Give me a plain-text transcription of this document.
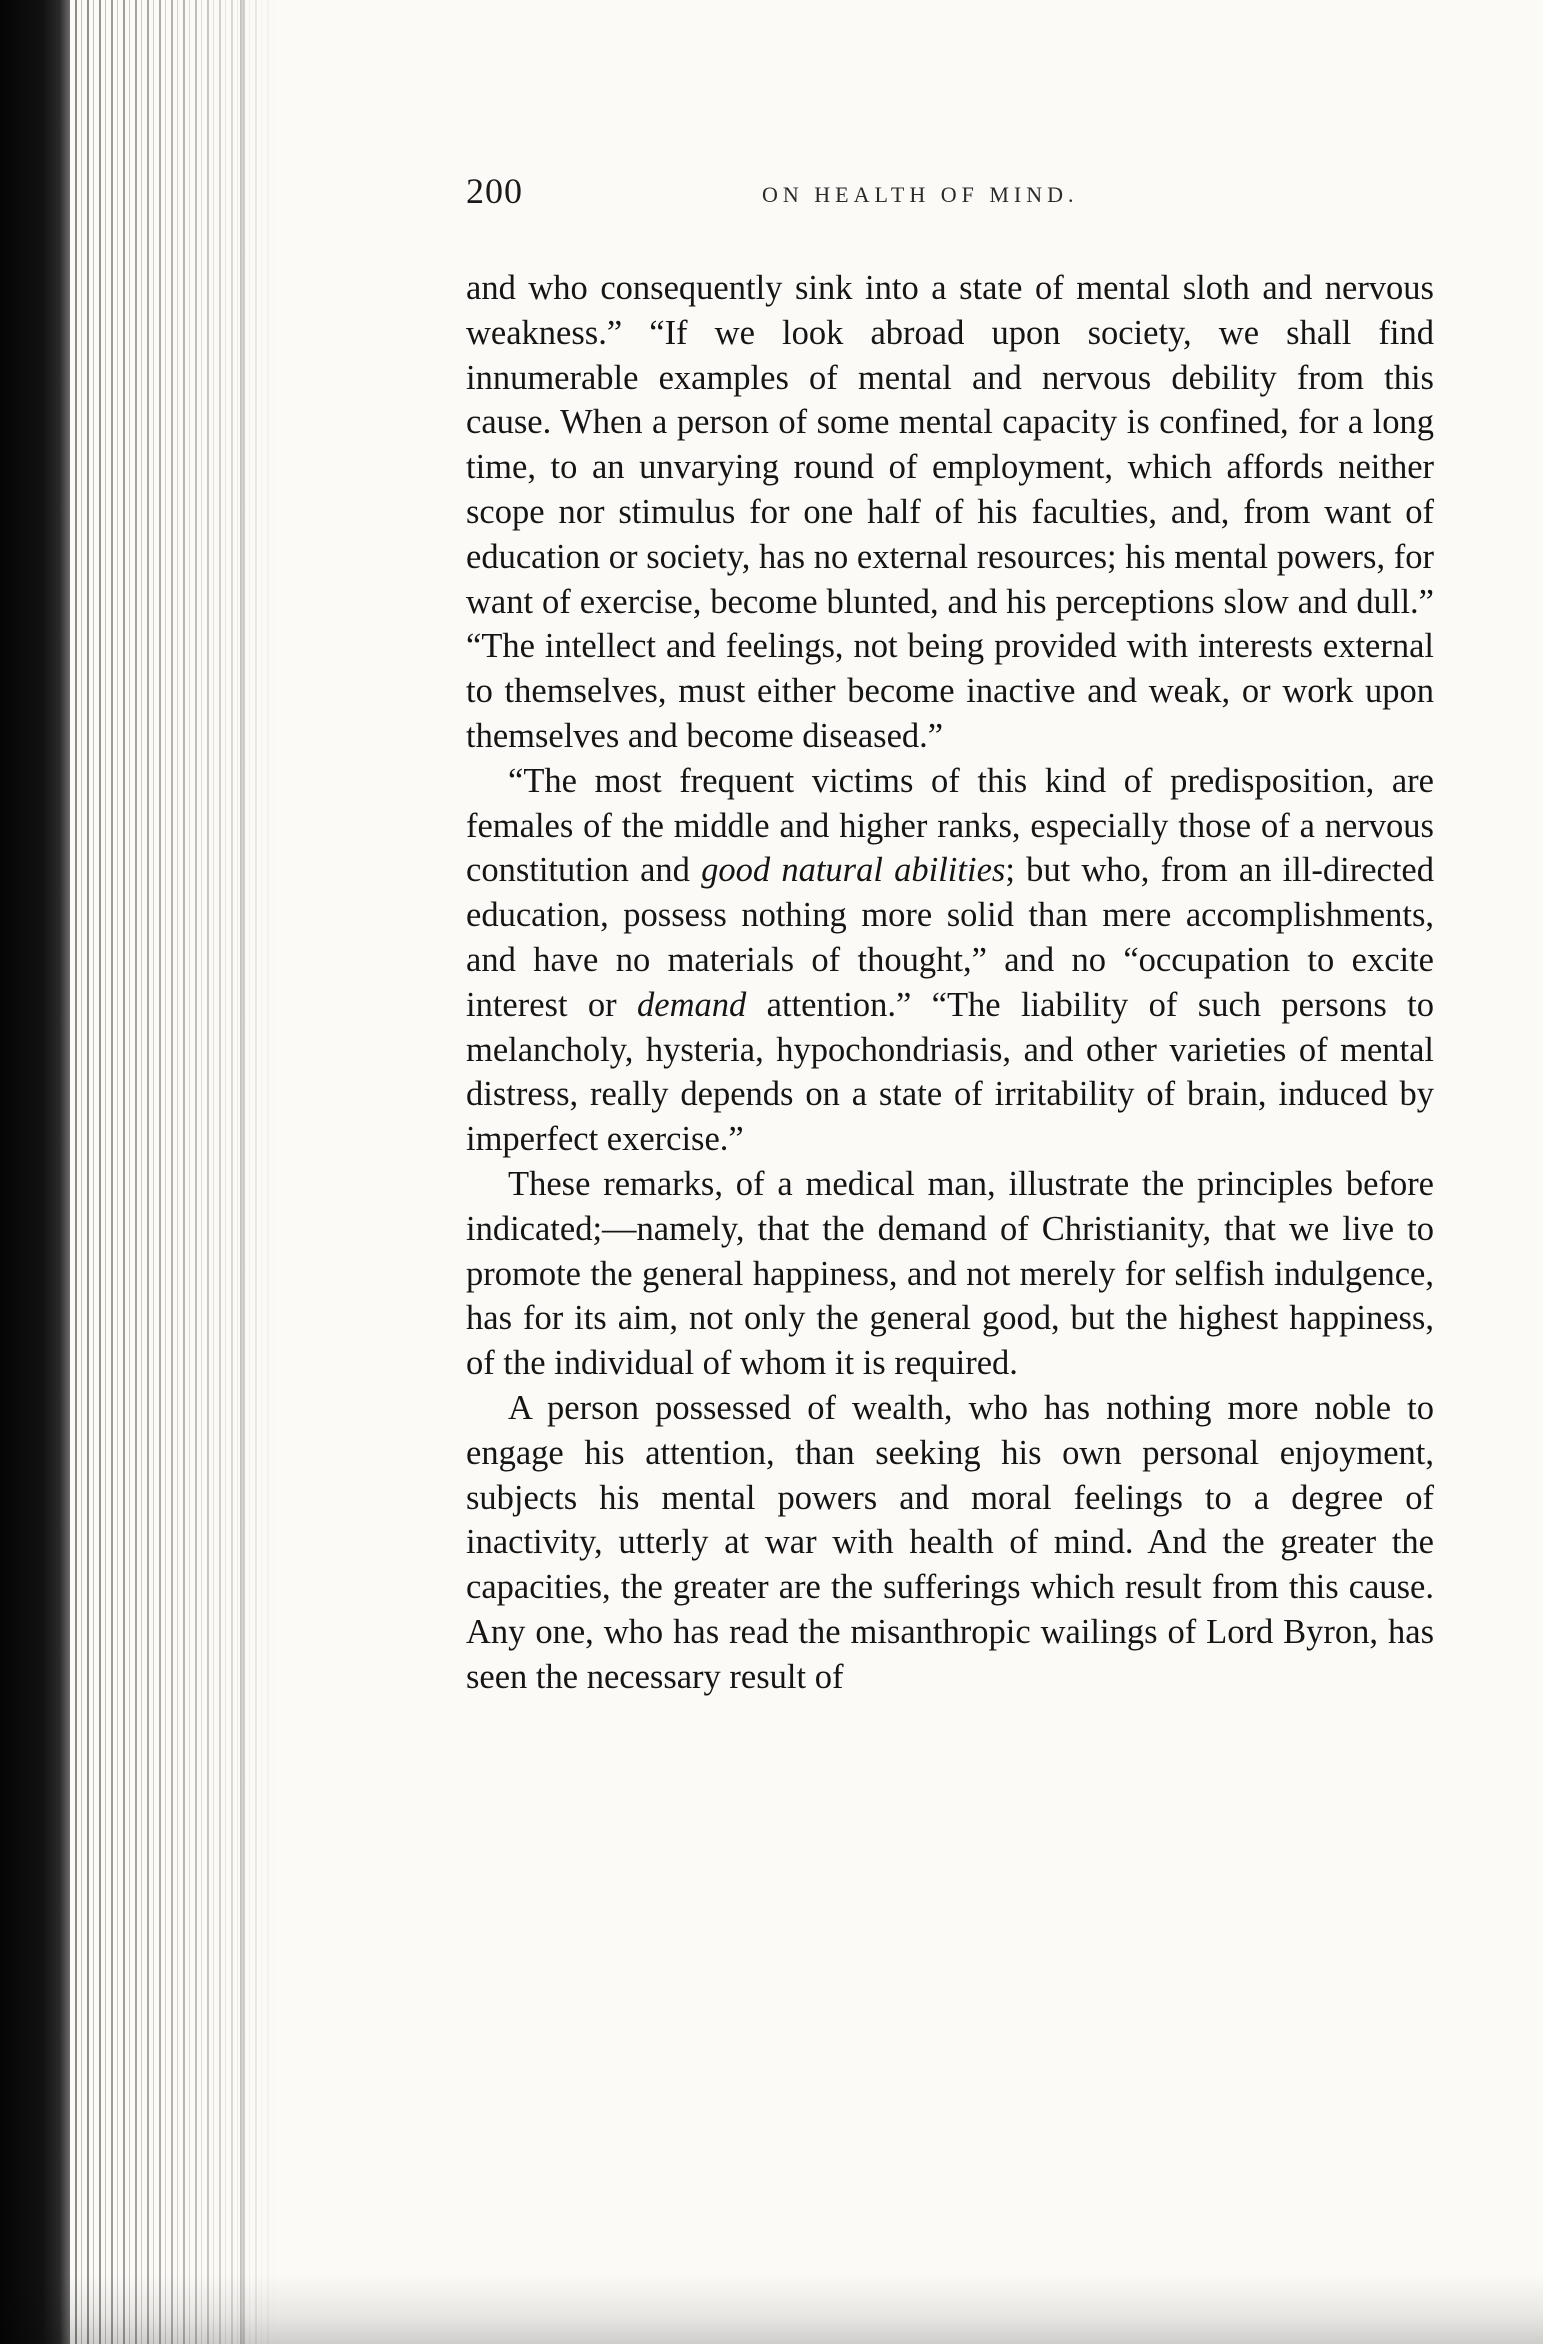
200	ON HEALTH OF MIND.

and who consequently sink into a state of mental sloth and nervous weakness.” “If we look abroad upon society, we shall find innumerable examples of mental and nervous debility from this cause. When a person of some mental capacity is confined, for a long time, to an unvarying round of employment, which affords neither scope nor stimulus for one half of his faculties, and, from want of education or society, has no external resources; his mental powers, for want of exercise, become blunted, and his perceptions slow and dull.” “The intellect and feelings, not being provided with interests external to themselves, must either become inactive and weak, or work upon themselves and become diseased.”

“The most frequent victims of this kind of predisposition, are females of the middle and higher ranks, especially those of a nervous constitution and good natural abilities; but who, from an ill-directed education, possess nothing more solid than mere accomplishments, and have no materials of thought,” and no “occupation to excite interest or demand attention.” “The liability of such persons to melancholy, hysteria, hypochondriasis, and other varieties of mental distress, really depends on a state of irritability of brain, induced by imperfect exercise.”

These remarks, of a medical man, illustrate the principles before indicated;—namely, that the demand of Christianity, that we live to promote the general happiness, and not merely for selfish indulgence, has for its aim, not only the general good, but the highest happiness, of the individual of whom it is required.

A person possessed of wealth, who has nothing more noble to engage his attention, than seeking his own personal enjoyment, subjects his mental powers and moral feelings to a degree of inactivity, utterly at war with health of mind. And the greater the capacities, the greater are the sufferings which result from this cause. Any one, who has read the misanthropic wailings of Lord Byron, has seen the necessary result of
